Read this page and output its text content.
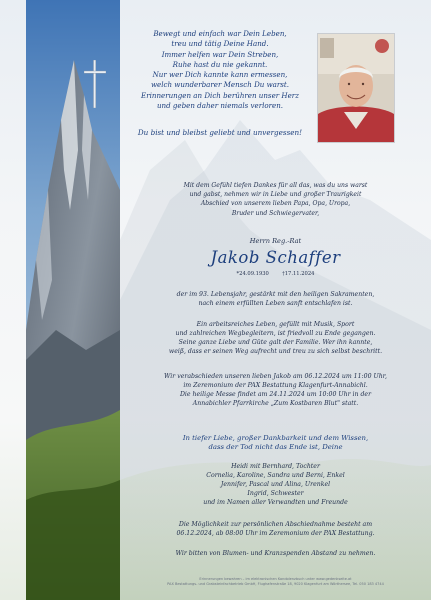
Bewegt und einfach war Dein Leben,
treu und tätig Deine Hand.
Immer helfen war Dein Streben,
Ruhe hast du nie gekannt.
Nur wer Dich kannte kann ermessen,
welch wunderbarer Mensch Du warst.
Erinnerungen an Dich berühren unser Herz
und geben daher niemals verloren.
Du bist und bleibst geliebt und unvergessen!
Mit dem Gefühl tiefen Dankes für all das, was du uns warst
und gabst, nehmen wir in Liebe und großer Traurigkeit
Abschied von unserem lieben Papa, Opa, Uropa,
Bruder und Schwiegervater,
Herrn Reg.-Rat
Jakob Schaffer
*24.09.1930	†17.11.2024
der im 93. Lebensjahr, gestärkt mit den heiligen Sakramenten,
nach einem erfüllten Leben sanft entschlafen ist.
Ein arbeitsreiches Leben, gefüllt mit Musik, Sport
und zahlreichen Wegbegleitern, ist friedvoll zu Ende gegangen.
Seine ganze Liebe und Güte galt der Familie. Wer ihn kannte,
weiß, dass er seinen Weg aufrecht und treu zu sich selbst beschritt.
Wir verabschieden unseren lieben Jakob am 06.12.2024 um 11:00 Uhr,
im Zeremonium der PAX Bestattung Klagenfurt-Annabichl.
Die heilige Messe findet am 24.11.2024 um 10:00 Uhr in der
Annabichler Pfarrkirche „Zum Kostbaren Blut" statt.
In tiefer Liebe, großer Dankbarkeit und dem Wissen,
dass der Tod nicht das Ende ist, Deine
Heidi mit Bernhard, Tochter
Cornelia, Karoline, Sandra und Berni, Enkel
Jennifer, Pascal und Alina, Urenkel
Ingrid, Schwester
und im Namen aller Verwandten und Freunde
Die Möglichkeit zur persönlichen Abschiednahme besteht am
06.12.2024, ab 08:00 Uhr im Zeremonium der PAX Bestattung.
Wir bitten von Blumen- und Kranzspenden Abstand zu nehmen.
Erinnerungen bewahren – im elektronischen Kondolenzbuch unter www.gedenkseite.at
PAX Bestattungs- und Grabsteinfachbetrieb GmbH, Flughafenstraße 18, 9020 Klagenfurt am Wörthersee, Tel. 050 183 4744
